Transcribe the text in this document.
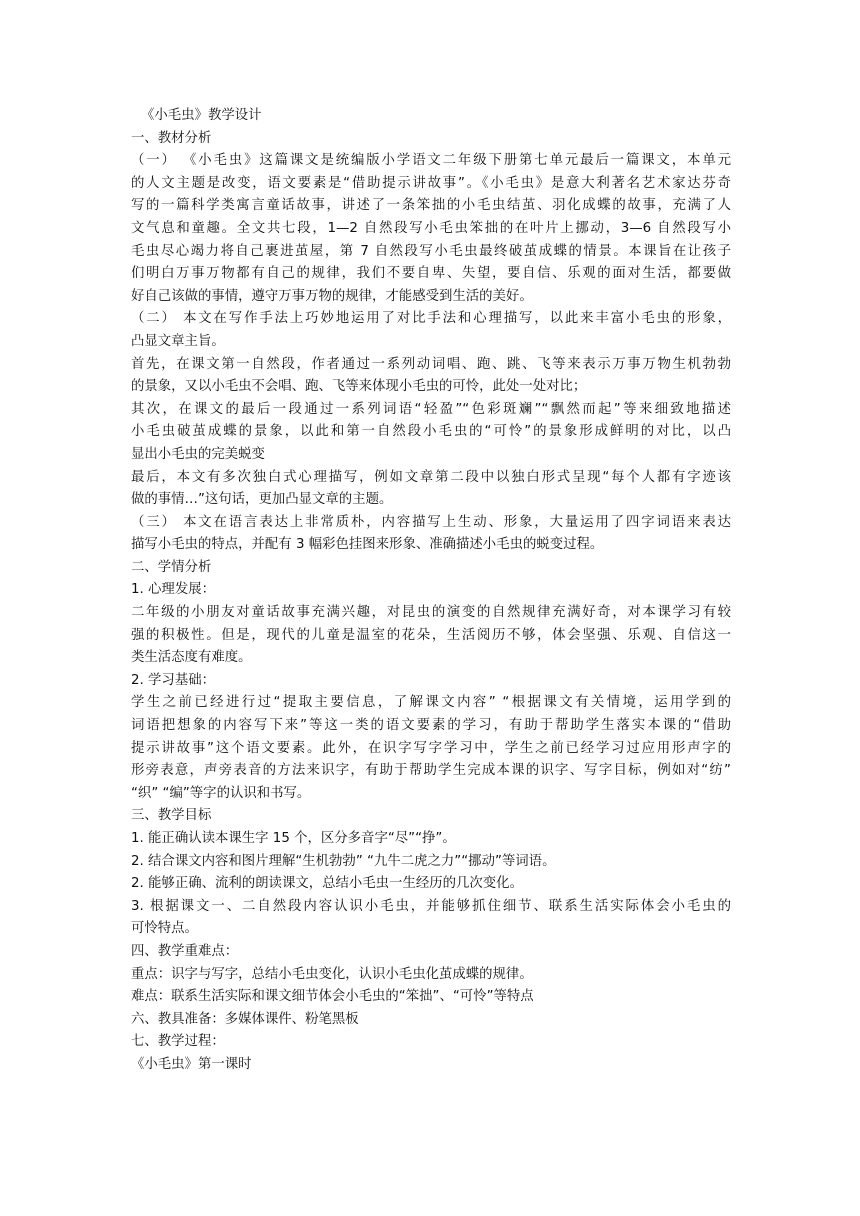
《小毛虫》教学设计
一、教材分析
（一） 《小毛虫》这篇课文是统编版小学语文二年级下册第七单元最后一篇课文，本单元
的人文主题是改变，语文要素是“借助提示讲故事”。《小毛虫》是意大利著名艺术家达芬奇
写的一篇科学类寓言童话故事，讲述了一条笨拙的小毛虫结茧、羽化成蝶的故事，充满了人
文气息和童趣。全文共七段，1—2 自然段写小毛虫笨拙的在叶片上挪动，3—6 自然段写小
毛虫尽心竭力将自己裹进茧屋，第 7 自然段写小毛虫最终破茧成蝶的情景。本课旨在让孩子
们明白万事万物都有自己的规律，我们不要自卑、失望，要自信、乐观的面对生活，都要做
好自己该做的事情，遵守万事万物的规律，才能感受到生活的美好。
（二） 本文在写作手法上巧妙地运用了对比手法和心理描写，以此来丰富小毛虫的形象，
凸显文章主旨。
首先，在课文第一自然段，作者通过一系列动词唱、跑、跳、飞等来表示万事万物生机勃勃
的景象，又以小毛虫不会唱、跑、飞等来体现小毛虫的可怜，此处一处对比；
其次，在课文的最后一段通过一系列词语“轻盈”“色彩斑斓”“飘然而起”等来细致地描述
小毛虫破茧成蝶的景象，以此和第一自然段小毛虫的“可怜”的景象形成鲜明的对比，以凸
显出小毛虫的完美蜕变
最后，本文有多次独白式心理描写，例如文章第二段中以独白形式呈现“每个人都有字迹该
做的事情…”这句话，更加凸显文章的主题。
（三） 本文在语言表达上非常质朴，内容描写上生动、形象，大量运用了四字词语来表达
描写小毛虫的特点，并配有 3 幅彩色挂图来形象、准确描述小毛虫的蜕变过程。
二、学情分析
1. 心理发展：
二年级的小朋友对童话故事充满兴趣，对昆虫的演变的自然规律充满好奇，对本课学习有较
强的积极性。但是，现代的儿童是温室的花朵，生活阅历不够，体会坚强、乐观、自信这一
类生活态度有难度。
2. 学习基础：
学生之前已经进行过“提取主要信息，了解课文内容” “根据课文有关情境，运用学到的
词语把想象的内容写下来”等这一类的语文要素的学习，有助于帮助学生落实本课的“借助
提示讲故事”这个语文要素。此外，在识字写字学习中，学生之前已经学习过应用形声字的
形旁表意，声旁表音的方法来识字，有助于帮助学生完成本课的识字、写字目标，例如对“纺”
“织” “编”等字的认识和书写。
三、教学目标
1. 能正确认读本课生字 15 个，区分多音字“尽”“挣”。
2. 结合课文内容和图片理解“生机勃勃” “九牛二虎之力”“挪动”等词语。
2. 能够正确、流利的朗读课文，总结小毛虫一生经历的几次变化。
3. 根据课文一、二自然段内容认识小毛虫，并能够抓住细节、联系生活实际体会小毛虫的
可怜特点。
四、教学重难点：
重点：识字与写字，总结小毛虫变化，认识小毛虫化茧成蝶的规律。
难点：联系生活实际和课文细节体会小毛虫的“笨拙”、“可怜”等特点
六、教具准备：多媒体课件、粉笔黑板
七、教学过程：
《小毛虫》第一课时
